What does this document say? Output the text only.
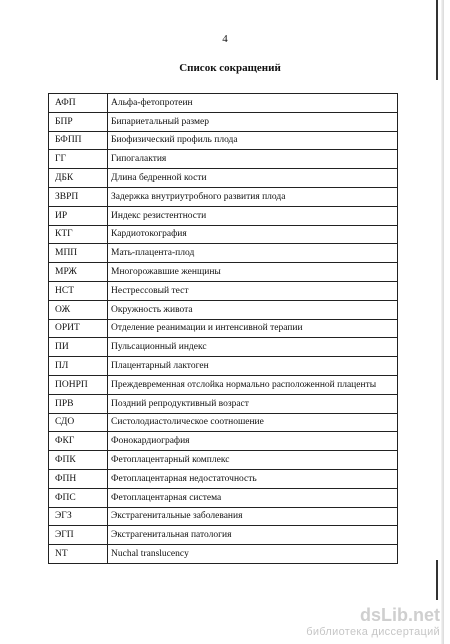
4
Список сокращений
АФП	Альфа-фетопротеин
БПР	Бипариетальный размер
БФПП	Биофизический профиль плода
ГГ	Гипогалактия
ДБК	Длина бедренной кости
ЗВРП	Задержка внутриутробного развития плода
ИР	Индекс резистентности
КТГ	Кардиотокография
МПП	Мать-плацента-плод
МРЖ	Многорожавшие женщины
НСТ	Нестрессовый тест
ОЖ	Окружность живота
ОРИТ	Отделение реанимации и интенсивной терапии
ПИ	Пульсационный индекс
ПЛ	Плацентарный лактоген
ПОНРП	Преждевременная отслойка нормально расположенной плаценты
ПРВ	Поздний репродуктивный возраст
СДО	Систолодиастолическое соотношение
ФКГ	Фонокардиография
ФПК	Фетоплацентарный комплекс
ФПН	Фетоплацентарная недостаточность
ФПС	Фетоплацентарная система
ЭГЗ	Экстрагенитальные заболевания
ЭГП	Экстрагенитальная патология
NT	Nuchal translucency
dsLib.net
библиотека диссертаций
